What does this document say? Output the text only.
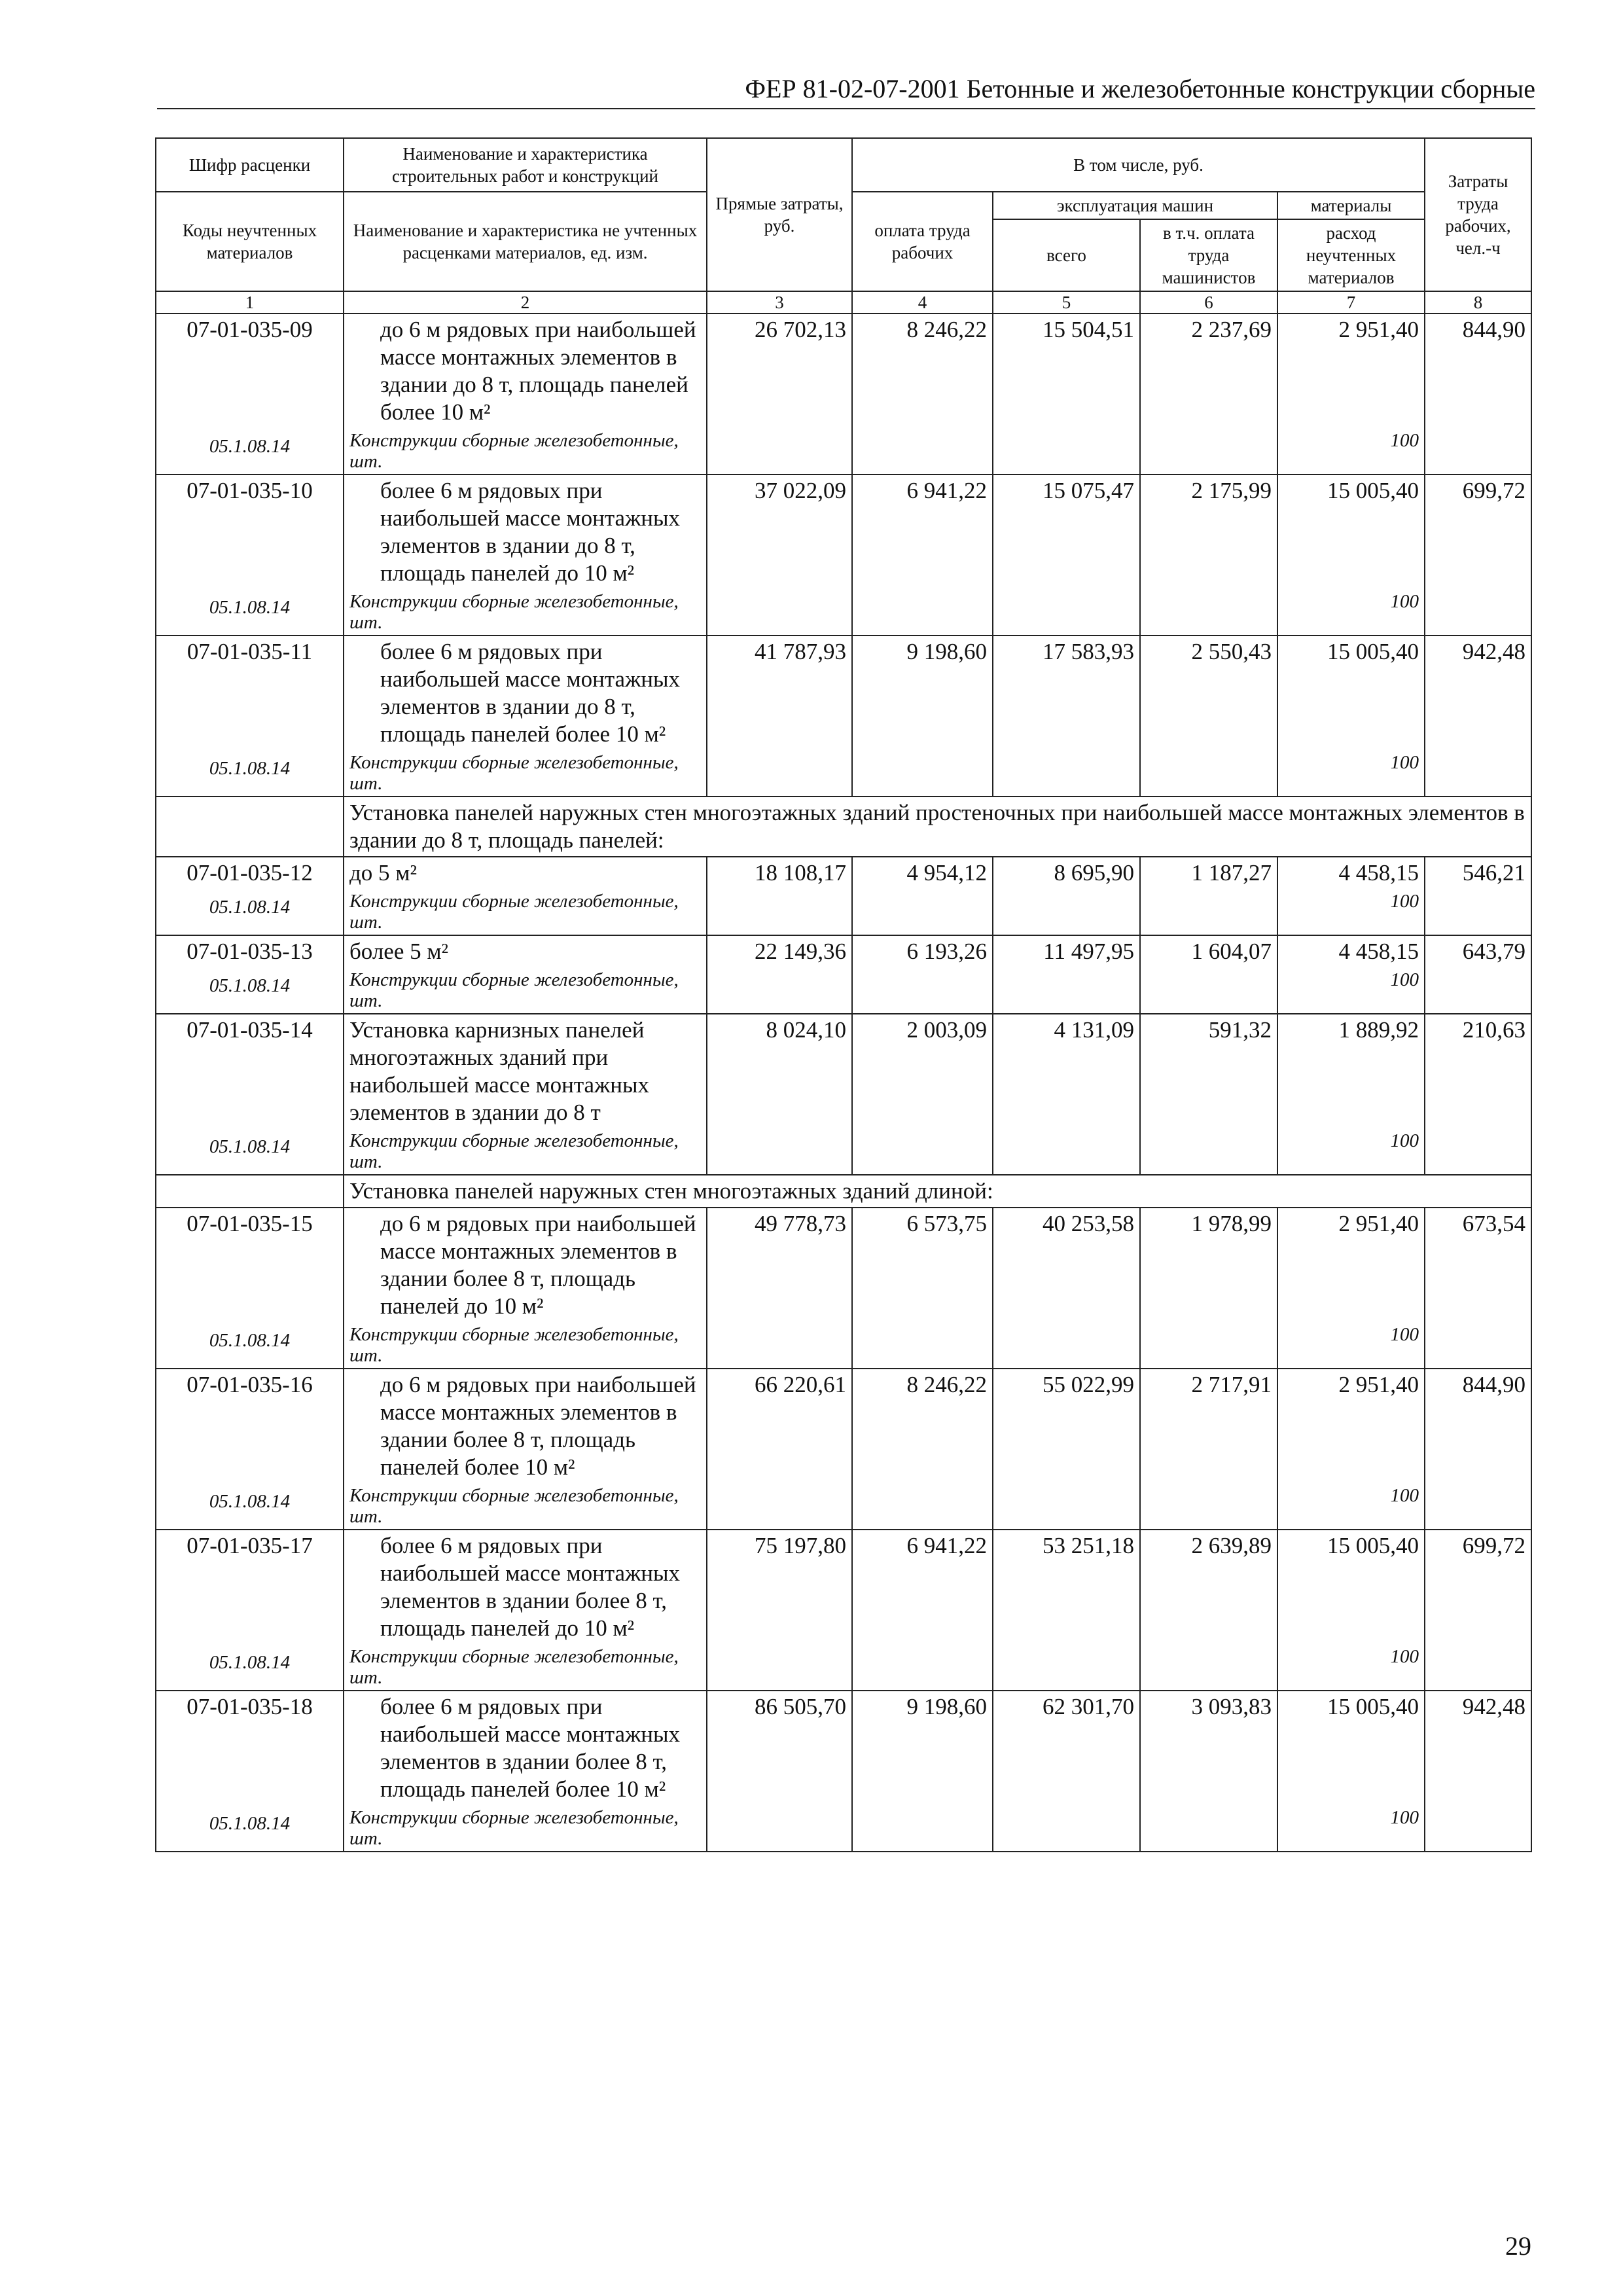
ФЕР 81-02-07-2001 Бетонные и железобетонные конструкции сборные
Шифр расценки	Наименование и характеристика строительных работ и конструкций	Прямые затраты, руб.	В том числе, руб.				Затраты труда рабочих, чел.-ч
Коды неучтенных материалов	Наименование и характеристика не учтенных расценками материалов, ед. изм.						
			оплата труда рабочих	эксплуатация машин		материалы	
				всего	в т.ч. оплата труда машинистов	расход неучтенных материалов	
1	2	3	4	5	6	7	8
07-01-035-09	до 6 м рядовых при наибольшей массе монтажных элементов в здании до 8 т, площадь панелей более 10 м²	26 702,13	8 246,22	15 504,51	2 237,69	2 951,40	844,90
05.1.08.14	Конструкции сборные железобетонные, шт.					100	
07-01-035-10	более 6 м рядовых при наибольшей массе монтажных элементов в здании до 8 т, площадь панелей до 10 м²	37 022,09	6 941,22	15 075,47	2 175,99	15 005,40	699,72
05.1.08.14	Конструкции сборные железобетонные, шт.					100	
07-01-035-11	более 6 м рядовых при наибольшей массе монтажных элементов в здании до 8 т, площадь панелей более 10 м²	41 787,93	9 198,60	17 583,93	2 550,43	15 005,40	942,48
05.1.08.14	Конструкции сборные железобетонные, шт.					100	
	Установка панелей наружных стен многоэтажных зданий простеночных при наибольшей массе монтажных элементов в здании до 8 т, площадь панелей:						
07-01-035-12	до 5 м²	18 108,17	4 954,12	8 695,90	1 187,27	4 458,15	546,21
05.1.08.14	Конструкции сборные железобетонные, шт.					100	
07-01-035-13	более 5 м²	22 149,36	6 193,26	11 497,95	1 604,07	4 458,15	643,79
05.1.08.14	Конструкции сборные железобетонные, шт.					100	
07-01-035-14	Установка карнизных панелей многоэтажных зданий при наибольшей массе монтажных элементов в здании до 8 т	8 024,10	2 003,09	4 131,09	591,32	1 889,92	210,63
05.1.08.14	Конструкции сборные железобетонные, шт.					100	
	Установка панелей наружных стен многоэтажных зданий длиной:						
07-01-035-15	до 6 м рядовых при наибольшей массе монтажных элементов в здании более 8 т, площадь панелей до 10 м²	49 778,73	6 573,75	40 253,58	1 978,99	2 951,40	673,54
05.1.08.14	Конструкции сборные железобетонные, шт.					100	
07-01-035-16	до 6 м рядовых при наибольшей массе монтажных элементов в здании более 8 т, площадь панелей более 10 м²	66 220,61	8 246,22	55 022,99	2 717,91	2 951,40	844,90
05.1.08.14	Конструкции сборные железобетонные, шт.					100	
07-01-035-17	более 6 м рядовых при наибольшей массе монтажных элементов в здании более 8 т, площадь панелей до 10 м²	75 197,80	6 941,22	53 251,18	2 639,89	15 005,40	699,72
05.1.08.14	Конструкции сборные железобетонные, шт.					100	
07-01-035-18	более 6 м рядовых при наибольшей массе монтажных элементов в здании более 8 т, площадь панелей более 10 м²	86 505,70	9 198,60	62 301,70	3 093,83	15 005,40	942,48
05.1.08.14	Конструкции сборные железобетонные, шт.					100	
29
